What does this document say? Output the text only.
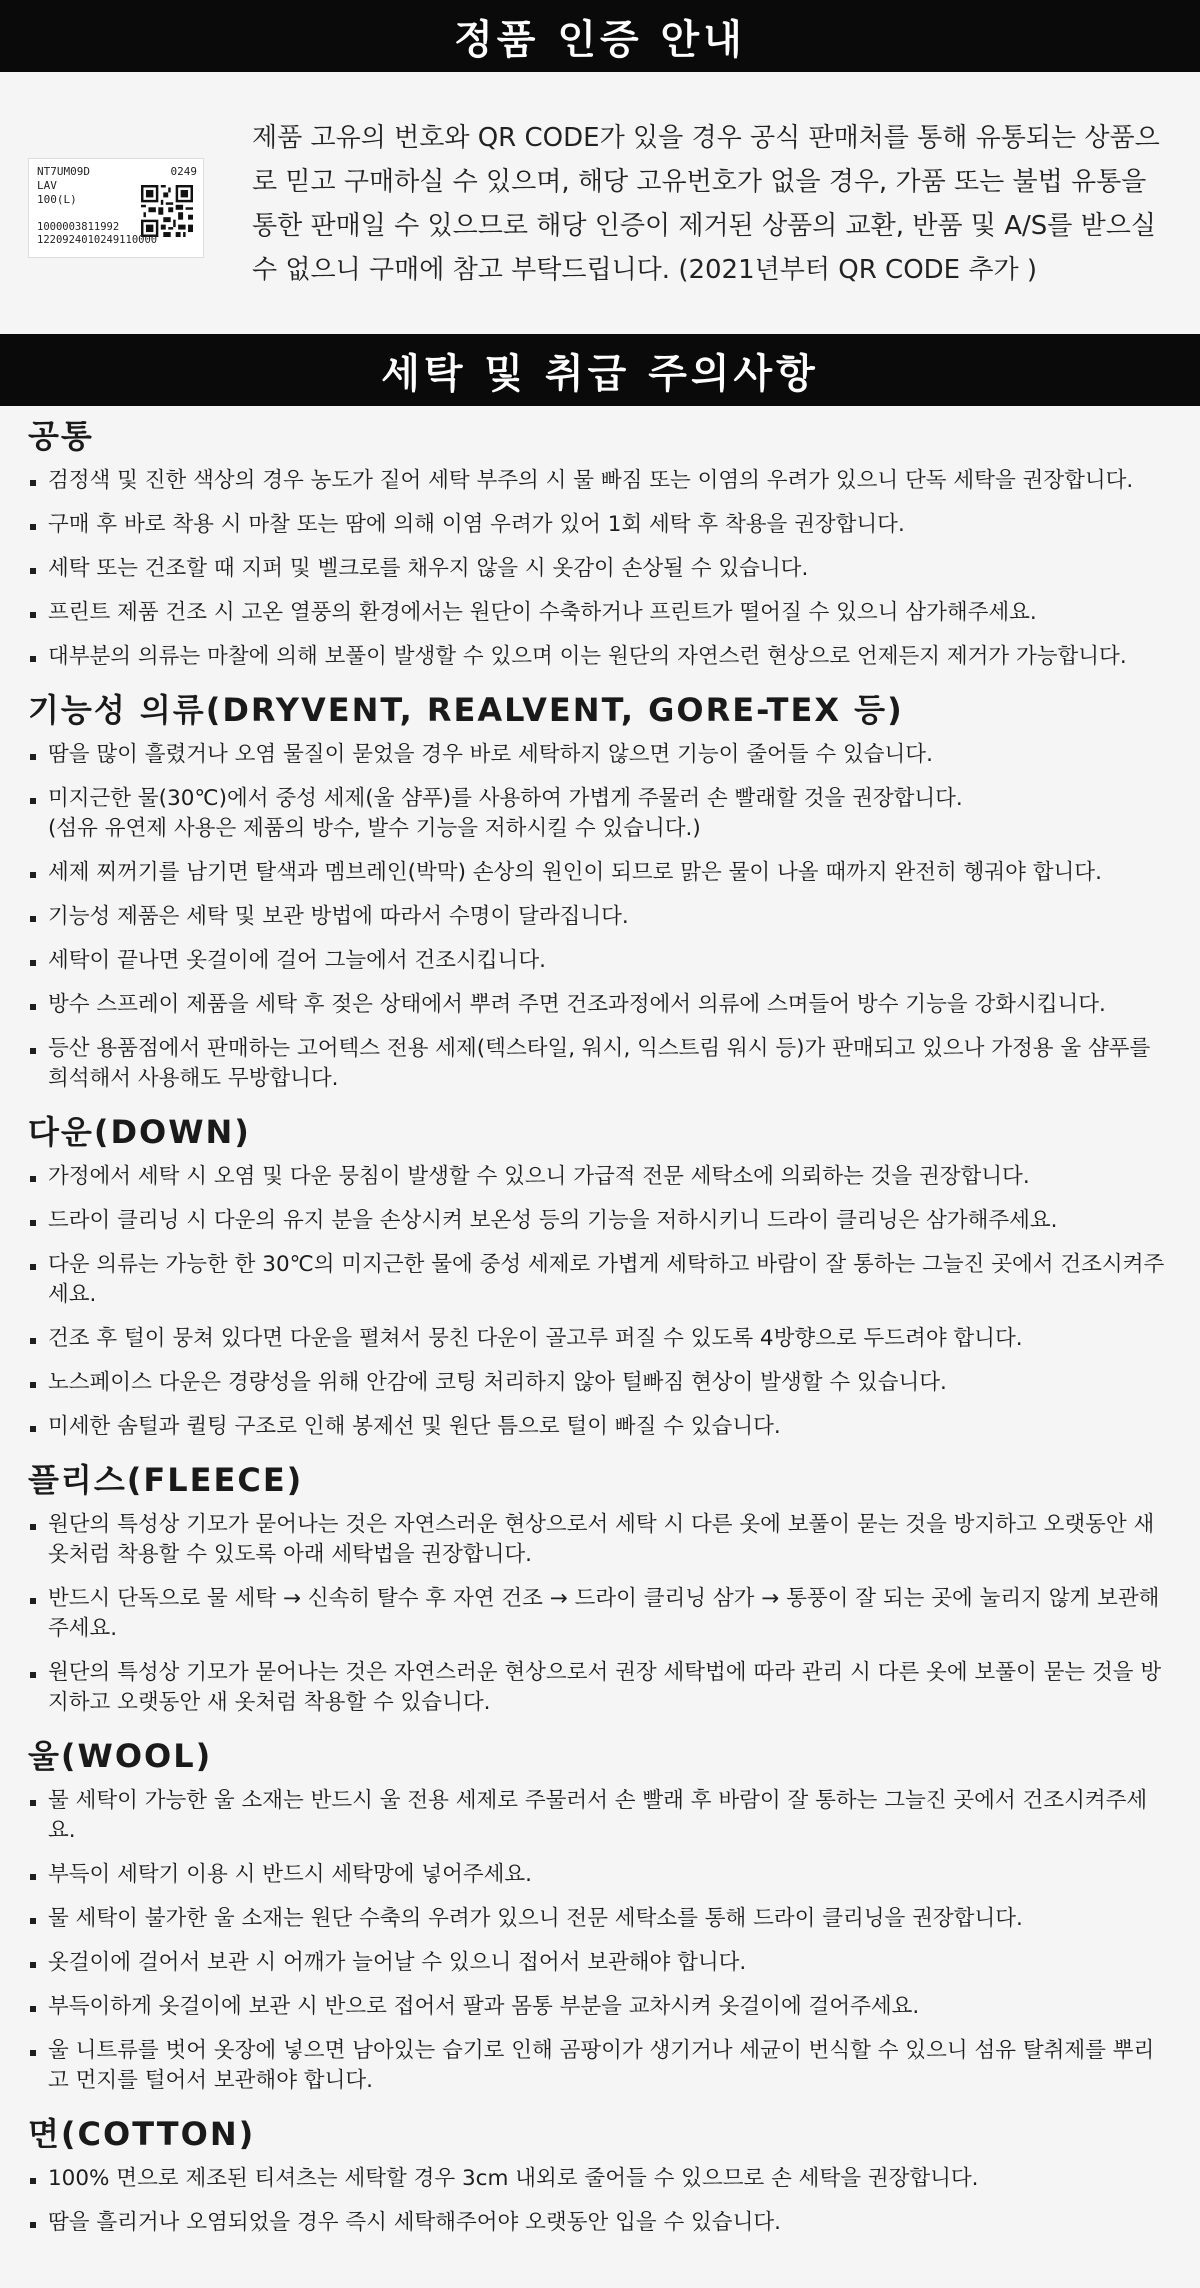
정품 인증 안내
NT7UM09D	0249
LAV
100(L)
1000003811992
1220924010249110000
제품 고유의 번호와 QR CODE가 있을 경우 공식 판매처를 통해 유통되는 상품으로 믿고 구매하실 수 있으며, 해당 고유번호가 없을 경우, 가품 또는 불법 유통을 통한 판매일 수 있으므로 해당 인증이 제거된 상품의 교환, 반품 및 A/S를 받으실 수 없으니 구매에 참고 부탁드립니다. (2021년부터 QR CODE 추가 )
세탁 및 취급 주의사항
공통
검정색 및 진한 색상의 경우 농도가 짙어 세탁 부주의 시 물 빠짐 또는 이염의 우려가 있으니 단독 세탁을 권장합니다.
구매 후 바로 착용 시 마찰 또는 땀에 의해 이염 우려가 있어 1회 세탁 후 착용을 권장합니다.
세탁 또는 건조할 때 지퍼 및 벨크로를 채우지 않을 시 옷감이 손상될 수 있습니다.
프린트 제품 건조 시 고온 열풍의 환경에서는 원단이 수축하거나 프린트가 떨어질 수 있으니 삼가해주세요.
대부분의 의류는 마찰에 의해 보풀이 발생할 수 있으며 이는 원단의 자연스런 현상으로 언제든지 제거가 가능합니다.
기능성 의류(DRYVENT, REALVENT, GORE-TEX 등)
땀을 많이 흘렸거나 오염 물질이 묻었을 경우 바로 세탁하지 않으면 기능이 줄어들 수 있습니다.
미지근한 물(30℃)에서 중성 세제(울 샴푸)를 사용하여 가볍게 주물러 손 빨래할 것을 권장합니다.
(섬유 유연제 사용은 제품의 방수, 발수 기능을 저하시킬 수 있습니다.)
세제 찌꺼기를 남기면 탈색과 멤브레인(박막) 손상의 원인이 되므로 맑은 물이 나올 때까지 완전히 헹궈야 합니다.
기능성 제품은 세탁 및 보관 방법에 따라서 수명이 달라집니다.
세탁이 끝나면 옷걸이에 걸어 그늘에서 건조시킵니다.
방수 스프레이 제품을 세탁 후 젖은 상태에서 뿌려 주면 건조과정에서 의류에 스며들어 방수 기능을 강화시킵니다.
등산 용품점에서 판매하는 고어텍스 전용 세제(텍스타일, 워시, 익스트림 워시 등)가 판매되고 있으나 가정용 울 샴푸를 희석해서 사용해도 무방합니다.
다운(DOWN)
가정에서 세탁 시 오염 및 다운 뭉침이 발생할 수 있으니 가급적 전문 세탁소에 의뢰하는 것을 권장합니다.
드라이 클리닝 시 다운의 유지 분을 손상시켜 보온성 등의 기능을 저하시키니 드라이 클리닝은 삼가해주세요.
다운 의류는 가능한 한 30℃의 미지근한 물에 중성 세제로 가볍게 세탁하고 바람이 잘 통하는 그늘진 곳에서 건조시켜주세요.
건조 후 털이 뭉쳐 있다면 다운을 펼쳐서 뭉친 다운이 골고루 퍼질 수 있도록 4방향으로 두드려야 합니다.
노스페이스 다운은 경량성을 위해 안감에 코팅 처리하지 않아 털빠짐 현상이 발생할 수 있습니다.
미세한 솜털과 퀼팅 구조로 인해 봉제선 및 원단 틈으로 털이 빠질 수 있습니다.
플리스(FLEECE)
원단의 특성상 기모가 묻어나는 것은 자연스러운 현상으로서 세탁 시 다른 옷에 보풀이 묻는 것을 방지하고 오랫동안 새 옷처럼 착용할 수 있도록 아래 세탁법을 권장합니다.
반드시 단독으로 물 세탁 → 신속히 탈수 후 자연 건조 → 드라이 클리닝 삼가 → 통풍이 잘 되는 곳에 눌리지 않게 보관해주세요.
원단의 특성상 기모가 묻어나는 것은 자연스러운 현상으로서 권장 세탁법에 따라 관리 시 다른 옷에 보풀이 묻는 것을 방지하고 오랫동안 새 옷처럼 착용할 수 있습니다.
울(WOOL)
물 세탁이 가능한 울 소재는 반드시 울 전용 세제로 주물러서 손 빨래 후 바람이 잘 통하는 그늘진 곳에서 건조시켜주세요.
부득이 세탁기 이용 시 반드시 세탁망에 넣어주세요.
물 세탁이 불가한 울 소재는 원단 수축의 우려가 있으니 전문 세탁소를 통해 드라이 클리닝을 권장합니다.
옷걸이에 걸어서 보관 시 어깨가 늘어날 수 있으니 접어서 보관해야 합니다.
부득이하게 옷걸이에 보관 시 반으로 접어서 팔과 몸통 부분을 교차시켜 옷걸이에 걸어주세요.
울 니트류를 벗어 옷장에 넣으면 남아있는 습기로 인해 곰팡이가 생기거나 세균이 번식할 수 있으니 섬유 탈취제를 뿌리고 먼지를 털어서 보관해야 합니다.
면(COTTON)
100% 면으로 제조된 티셔츠는 세탁할 경우 3cm 내외로 줄어들 수 있으므로 손 세탁을 권장합니다.
땀을 흘리거나 오염되었을 경우 즉시 세탁해주어야 오랫동안 입을 수 있습니다.
